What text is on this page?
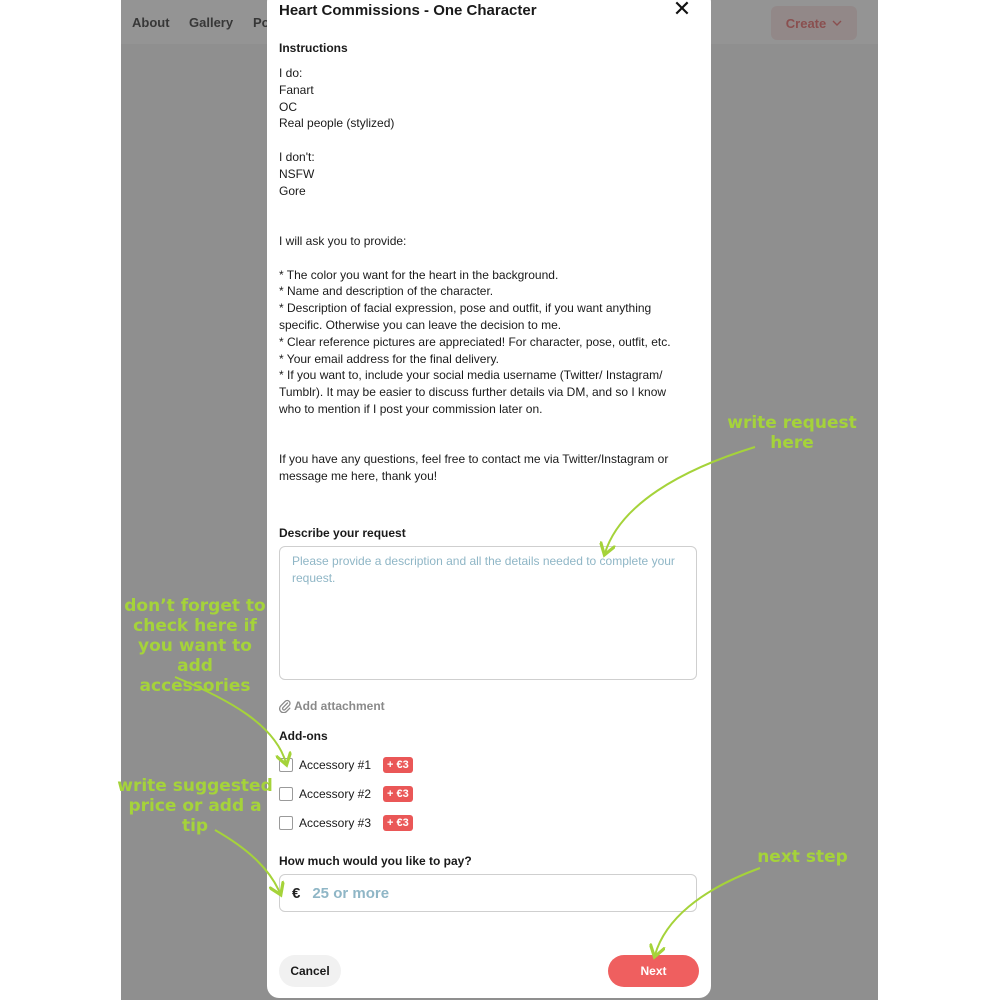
Heart Commissions - One Character	✕
Instructions
I do:
Fanart
OC
Real people (stylized)

I don't:
NSFW
Gore

I will ask you to provide:

* The color you want for the heart in the background.
* Name and description of the character.
* Description of facial expression, pose and outfit, if you want anything specific. Otherwise you can leave the decision to me.
* Clear reference pictures are appreciated! For character, pose, outfit, etc.
* Your email address for the final delivery.
* If you want to, include your social media username (Twitter/ Instagram/ Tumblr). It may be easier to discuss further details via DM, and so I know who to mention if I post your commission later on.

If you have any questions, feel free to contact me via Twitter/Instagram or message me here, thank you!
Describe your request
Please provide a description and all the details needed to complete your request.
Add attachment
Add-ons
Accessory #1	+ €3
Accessory #2	+ €3
Accessory #3	+ €3
How much would you like to pay?
€
25 or more
Cancel	Next
write request
here
don’t forget to
check here if
you want to add
accessories
write suggested
price or add a
tip
next step
